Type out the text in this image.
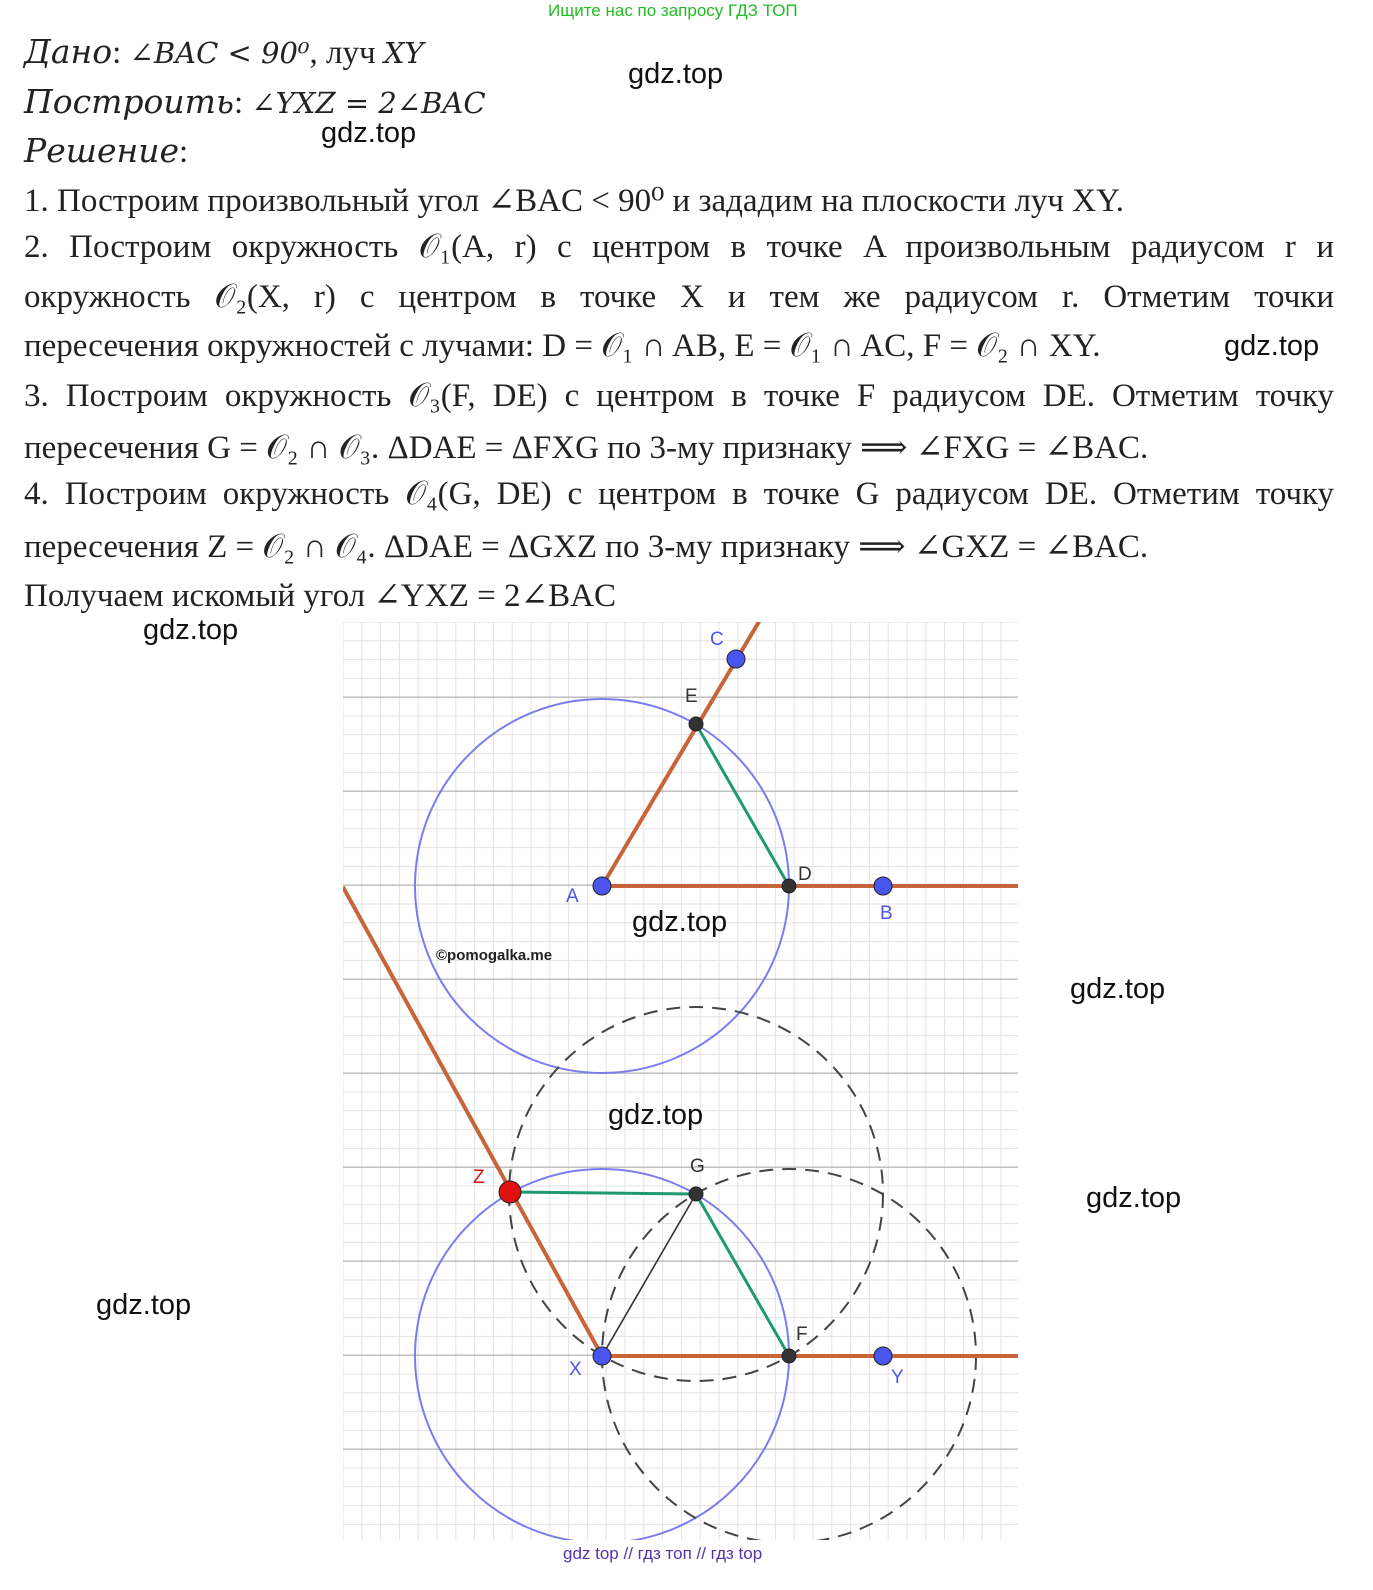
Ищите нас по запросу ГДЗ ТОП
Дано: ∠BAC < 90⁰, луч XY
Построить: ∠YXZ = 2∠BAC
Решение:
1. Построим произвольный угол ∠BAC < 90⁰ и зададим на плоскости луч XY.
2. Построим окружность 𝒪₁(A, r) с центром в точке A произвольным радиусом r и
окружность 𝒪₂(X, r) с центром в точке X и тем же радиусом r. Отметим точки
пересечения окружностей с лучами: D = 𝒪₁ ∩ AB, E = 𝒪₁ ∩ AC, F = 𝒪₂ ∩ XY.
3. Построим окружность 𝒪₃(F, DE) с центром в точке F радиусом DE. Отметим точку
пересечения G = 𝒪₂ ∩ 𝒪₃. ΔDAE = ΔFXG по 3-му признаку ⟹ ∠FXG = ∠BAC.
4. Построим окружность 𝒪₄(G, DE) с центром в точке G радиусом DE. Отметим точку
пересечения Z = 𝒪₂ ∩ 𝒪₄. ΔDAE = ΔGXZ по 3-му признаку ⟹ ∠GXZ = ∠BAC.
Получаем искомый угол ∠YXZ = 2∠BAC
A
B
C
D
E
X	Y
F
G
Z
gdz.top
gdz.top
gdz.top
gdz.top
gdz.top
gdz.top
gdz.top
gdz.top
gdz.top
©pomogalka.me
gdz top // гдз топ // гдз top
